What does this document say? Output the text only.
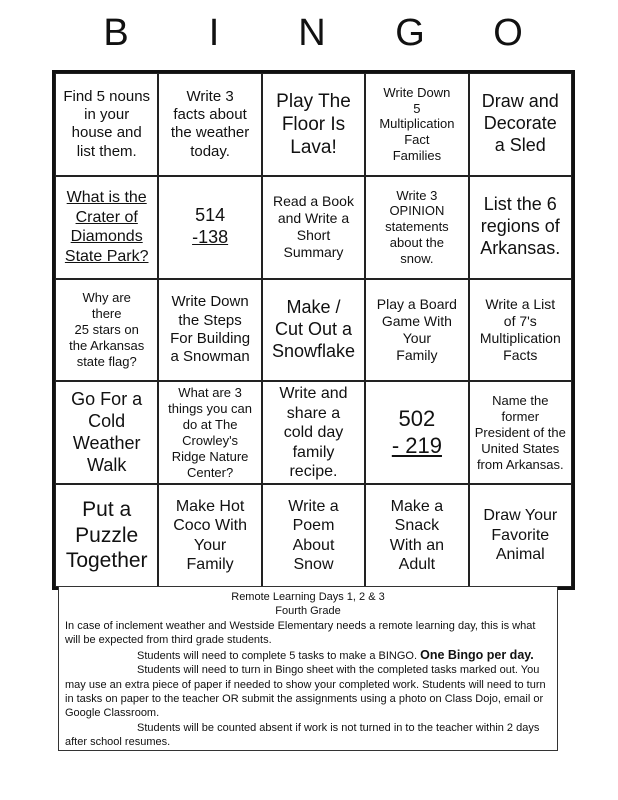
B	I	N G O
Find 5 nouns
in your
house and
list them.
Write 3
facts about
the weather
today.
Play The
Floor Is
Lava!
Write Down
5
Multiplication
Fact
Families
Draw and
Decorate
a Sled
What is the
Crater of
Diamonds
State Park?
514
-138
Read a Book
and Write a
Short
Summary
Write 3
OPINION
statements
about the
snow.
List the 6
regions of
Arkansas.
Why are
there
25 stars on
the Arkansas
state flag?
Write Down
the Steps
For Building
a Snowman
Make /
Cut Out a
Snowflake
Play a Board
Game With
Your
Family
Write a List
of 7's
Multiplication
Facts
Go For a
Cold
Weather
Walk
What are 3
things you can
do at The
Crowley's
Ridge Nature
Center?
Write and
share a
cold day
family
recipe.
502
- 219
Name the
former
President of the
United States
from Arkansas.
Put a
Puzzle
Together
Make Hot
Coco With
Your
Family
Write a
Poem
About
Snow
Make a
Snack
With an
Adult
Draw Your
Favorite
Animal

Remote Learning Days 1, 2 & 3

Fourth Grade

In case of inclement weather and Westside Elementary needs a remote learning day, this is what will be expected from third grade students.

Students will need to complete 5 tasks to make a BINGO. One Bingo per day.

Students will need to turn in Bingo sheet with the completed tasks marked out. You may use an extra piece of paper if needed to show your completed work. Students will need to turn in tasks on paper to the teacher OR submit the assignments using a photo on Class Dojo, email or Google Classroom.

Students will be counted absent if work is not turned in to the teacher within 2 days after school resumes.
